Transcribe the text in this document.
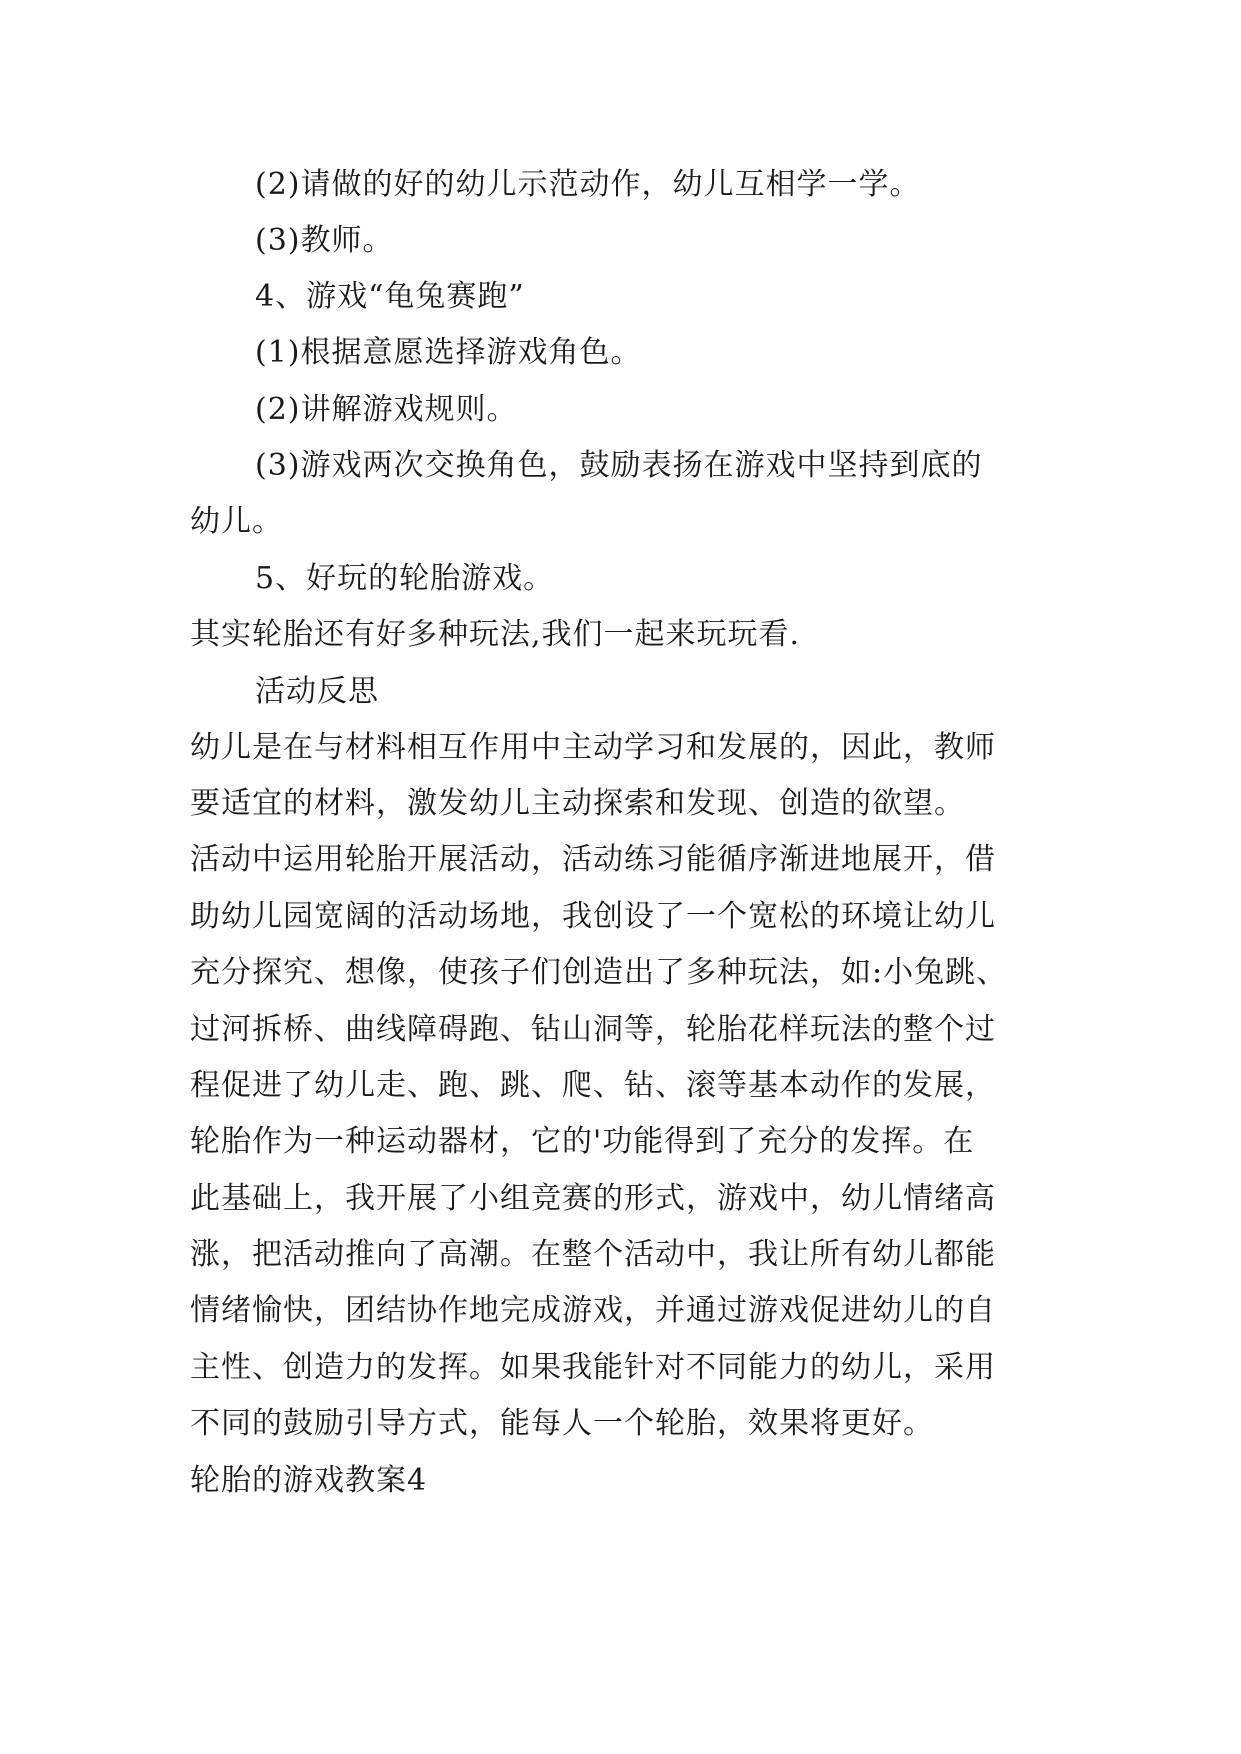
(2)请做的好的幼儿示范动作，幼儿互相学一学。
(3)教师。
4、游戏“龟兔赛跑”
(1)根据意愿选择游戏角色。
(2)讲解游戏规则。
(3)游戏两次交换角色，鼓励表扬在游戏中坚持到底的
幼儿。
5、好玩的轮胎游戏。
其实轮胎还有好多种玩法,我们一起来玩玩看.
活动反思
幼儿是在与材料相互作用中主动学习和发展的，因此，教师
要适宜的材料，激发幼儿主动探索和发现、创造的欲望。
活动中运用轮胎开展活动，活动练习能循序渐进地展开，借
助幼儿园宽阔的活动场地，我创设了一个宽松的环境让幼儿
充分探究、想像，使孩子们创造出了多种玩法，如:小兔跳、
过河拆桥、曲线障碍跑、钻山洞等，轮胎花样玩法的整个过
程促进了幼儿走、跑、跳、爬、钻、滚等基本动作的发展，
轮胎作为一种运动器材，它的'功能得到了充分的发挥。在
此基础上，我开展了小组竞赛的形式，游戏中，幼儿情绪高
涨，把活动推向了高潮。在整个活动中，我让所有幼儿都能
情绪愉快，团结协作地完成游戏，并通过游戏促进幼儿的自
主性、创造力的发挥。如果我能针对不同能力的幼儿，采用
不同的鼓励引导方式，能每人一个轮胎，效果将更好。
轮胎的游戏教案4
